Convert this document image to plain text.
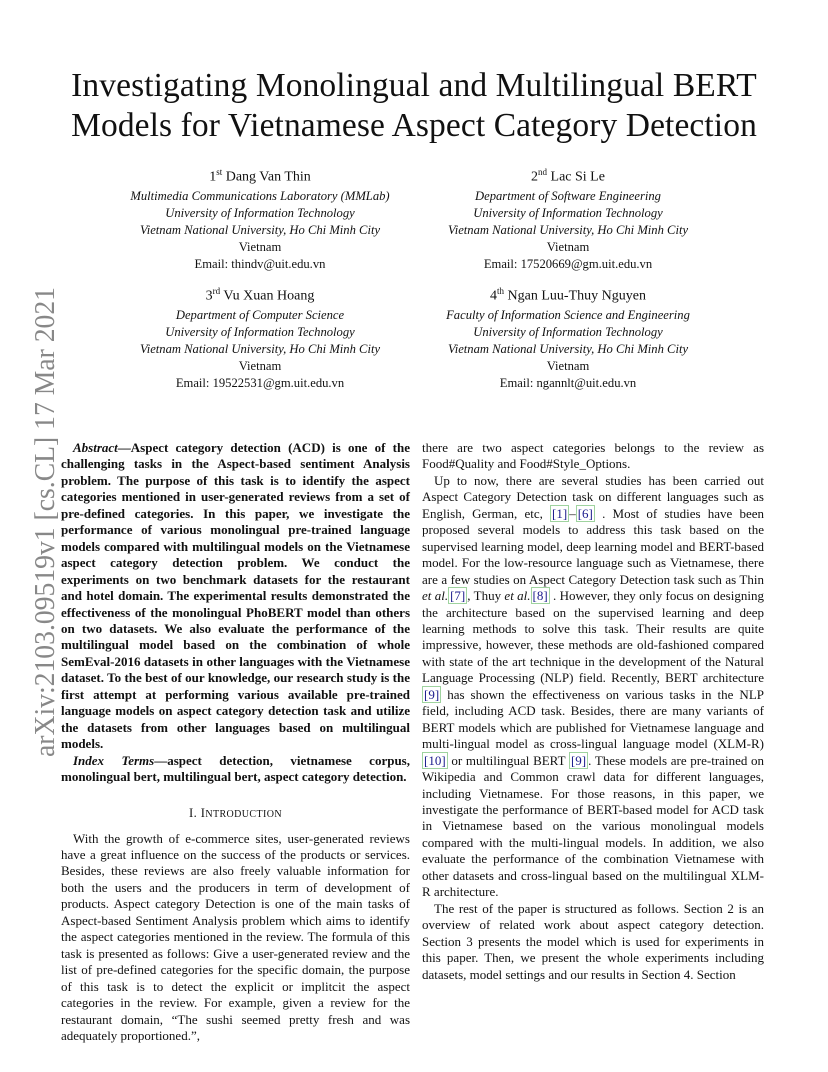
arXiv:2103.09519v1 [cs.CL] 17 Mar 2021
Investigating Monolingual and Multilingual BERT
Models for Vietnamese Aspect Category Detection
1st Dang Van Thin
Multimedia Communications Laboratory (MMLab)
University of Information Technology
Vietnam National University, Ho Chi Minh City
Vietnam
Email: thindv@uit.edu.vn
2nd Lac Si Le
Department of Software Engineering
University of Information Technology
Vietnam National University, Ho Chi Minh City
Vietnam
Email: 17520669@gm.uit.edu.vn
3rd Vu Xuan Hoang
Department of Computer Science
University of Information Technology
Vietnam National University, Ho Chi Minh City
Vietnam
Email: 19522531@gm.uit.edu.vn
4th Ngan Luu-Thuy Nguyen
Faculty of Information Science and Engineering
University of Information Technology
Vietnam National University, Ho Chi Minh City
Vietnam
Email: ngannlt@uit.edu.vn

Abstract—Aspect category detection (ACD) is one of the challenging tasks in the Aspect-based sentiment Analysis problem. The purpose of this task is to identify the aspect categories mentioned in user-generated reviews from a set of pre-defined categories. In this paper, we investigate the performance of various monolingual pre-trained language models compared with multilingual models on the Vietnamese aspect category detection problem. We conduct the experiments on two benchmark datasets for the restaurant and hotel domain. The experimental results demonstrated the effectiveness of the monolingual PhoBERT model than others on two datasets. We also evaluate the performance of the multilingual model based on the combination of whole SemEval-2016 datasets in other languages with the Vietnamese dataset. To the best of our knowledge, our research study is the first attempt at performing various available pre-trained language models on aspect category detection task and utilize the datasets from other languages based on multilingual models.

Index Terms—aspect detection, vietnamese corpus, monolingual bert, multilingual bert, aspect category detection.

I. INTRODUCTION

With the growth of e-commerce sites, user-generated reviews have a great influence on the success of the products or services. Besides, these reviews are also freely valuable information for both the users and the producers in term of development of products. Aspect category Detection is one of the main tasks of Aspect-based Sentiment Analysis problem which aims to identify the aspect categories mentioned in the review. The formula of this task is presented as follows: Give a user-generated review and the list of pre-defined categories for the specific domain, the purpose of this task is to detect the explicit or implitcit the aspect categories in the review. For example, given a review for the restaurant domain, “The sushi seemed pretty fresh and was adequately proportioned.”,

there are two aspect categories belongs to the review as Food#Quality and Food#Style_Options.

Up to now, there are several studies has been carried out Aspect Category Detection task on different languages such as English, German, etc, [1] – [6] . Most of studies have been proposed several models to address this task based on the supervised learning model, deep learning model and BERT-based model. For the low-resource language such as Vietnamese, there are a few studies on Aspect Category Detection task such as Thin et al. [7] , Thuy et al. [8] . However, they only focus on designing the architecture based on the supervised learning and deep learning methods to solve this task. Their results are quite impressive, however, these methods are old-fashioned compared with state of the art technique in the development of the Natural Language Processing (NLP) field. Recently, BERT architecture [9] has shown the effectiveness on various tasks in the NLP field, including ACD task. Besides, there are many variants of BERT models which are published for Vietnamese language and multi-lingual model as cross-lingual language model (XLM-R) [10] or multilingual BERT [9] . These models are pre-trained on Wikipedia and Common crawl data for different languages, including Vietnamese. For those reasons, in this paper, we investigate the performance of BERT-based model for ACD task in Vietnamese based on the various monolingual models compared with the multi-lingual models. In addition, we also evaluate the performance of the combination Vietnamese with other datasets and cross-lingual based on the multilingual XLM-R architecture.

The rest of the paper is structured as follows. Section 2 is an overview of related work about aspect category detection. Section 3 presents the model which is used for experiments in this paper. Then, we present the whole experiments including datasets, model settings and our results in Section 4. Section
